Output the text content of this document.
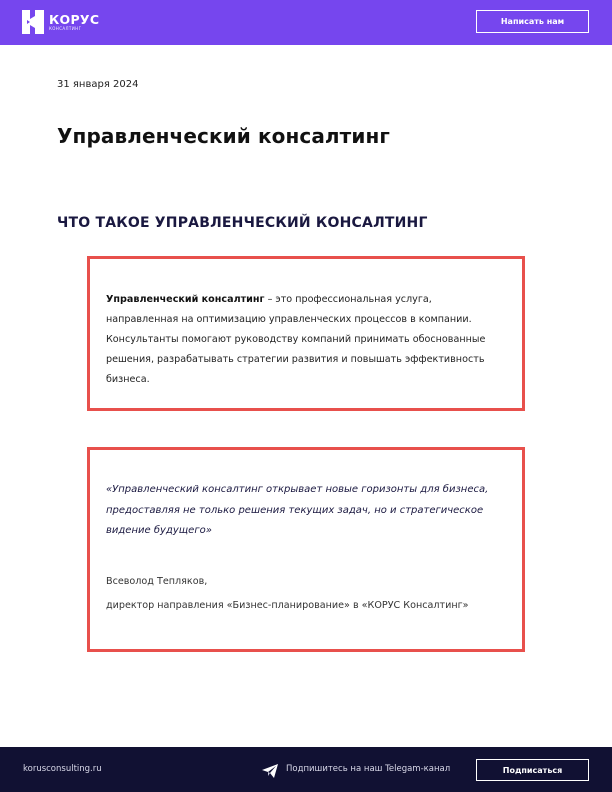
КОРУС
КОНСАЛТИНГ
Написать нам
31 января 2024
Управленческий консалтинг
ЧТО ТАКОЕ УПРАВЛЕНЧЕСКИЙ КОНСАЛТИНГ

Управленческий консалтинг – это профессиональная услуга, направленная на оптимизацию управленческих процессов в компании. Консультанты помогают руководству компаний принимать обоснованные решения, разрабатывать стратегии развития и повышать эффективность бизнеса.

«Управленческий консалтинг открывает новые горизонты для бизнеса, предоставляя не только решения текущих задач, но и стратегическое видение будущего»

Всеволод Тепляков,
директор направления «Бизнес-планирование» в «КОРУС Консалтинг»
korusconsulting.ru	Подпишитесь на наш Telegam-канал	Подписаться
